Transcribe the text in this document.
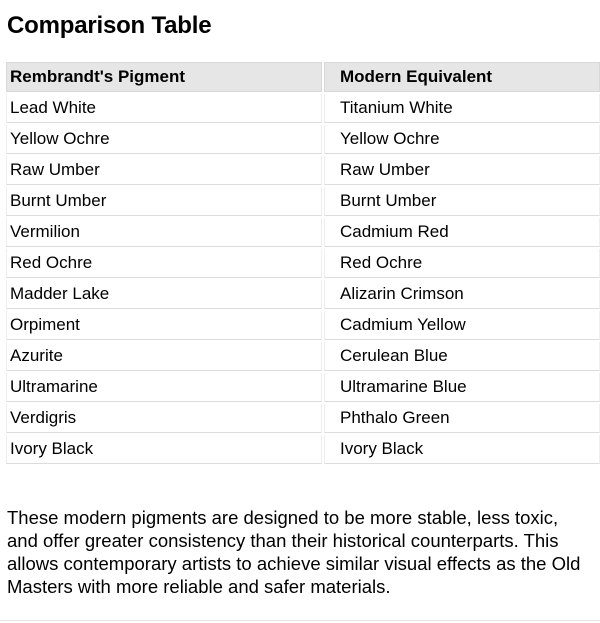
Comparison Table
Rembrandt's Pigment	Modern Equivalent
Lead White	Titanium White
Yellow Ochre	Yellow Ochre
Raw Umber	Raw Umber
Burnt Umber	Burnt Umber
Vermilion	Cadmium Red
Red Ochre	Red Ochre
Madder Lake	Alizarin Crimson
Orpiment	Cadmium Yellow
Azurite	Cerulean Blue
Ultramarine	Ultramarine Blue
Verdigris	Phthalo Green
Ivory Black	Ivory Black

These modern pigments are designed to be more stable, less toxic, and offer greater consistency than their historical counterparts. This allows contemporary artists to achieve similar visual effects as the Old Masters with more reliable and safer materials.
